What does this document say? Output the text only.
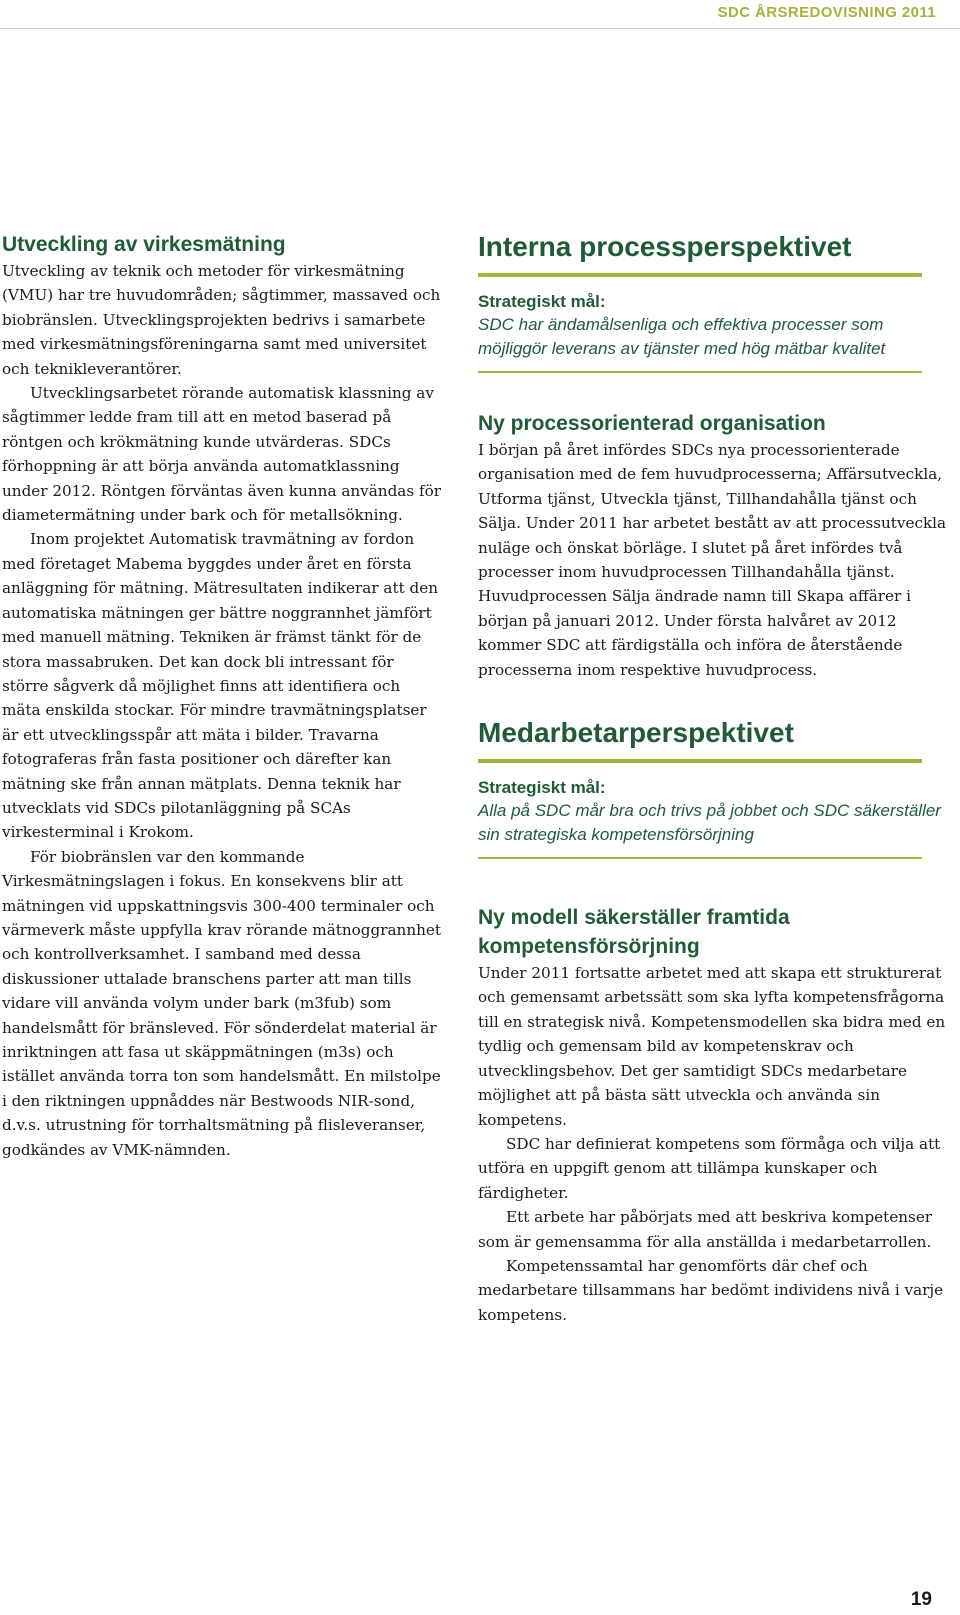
SDC ÅRSREDOVISNING 2011
Utveckling av virkesmätning

Utveckling av teknik och metoder för virkesmätning (VMU) har tre huvudområden; sågtimmer, massaved och biobränslen. Utvecklingsprojekten bedrivs i samarbete med virkesmätningsföreningarna samt med universitet och teknikleverantörer.

Utvecklingsarbetet rörande automatisk klassning av sågtimmer ledde fram till att en metod baserad på röntgen och krökmätning kunde utvärderas. SDCs förhoppning är att börja använda automatklassning under 2012. Röntgen förväntas även kunna användas för diametermätning under bark och för metallsökning.

Inom projektet Automatisk travmätning av fordon med företaget Mabema byggdes under året en första anläggning för mätning. Mätresultaten indikerar att den automatiska mätningen ger bättre noggrannhet jämfört med manuell mätning. Tekniken är främst tänkt för de stora massabruken. Det kan dock bli intressant för större sågverk då möjlighet finns att identifiera och mäta enskilda stockar. För mindre travmätningsplatser är ett utvecklingsspår att mäta i bilder. Travarna fotograferas från fasta positioner och därefter kan mätning ske från annan mätplats. Denna teknik har utvecklats vid SDCs pilotanläggning på SCAs virkesterminal i Krokom.

För biobränslen var den kommande Virkesmätningslagen i fokus. En konsekvens blir att mätningen vid uppskattningsvis 300-400 terminaler och värmeverk måste uppfylla krav rörande mätnoggrannhet och kontrollverksamhet. I samband med dessa diskussioner uttalade branschens parter att man tills vidare vill använda volym under bark (m3fub) som handelsmått för bränsleved. För sönderdelat material är inriktningen att fasa ut skäppmätningen (m3s) och istället använda torra ton som handelsmått. En milstolpe i den riktningen uppnåddes när Bestwoods NIR-sond, d.v.s. utrustning för torrhaltsmätning på flisleveranser, godkändes av VMK-nämnden.

Interna processperspektivet

Strategiskt mål:

SDC har ändamålsenliga och effektiva processer som möjliggör leverans av tjänster med hög mätbar kvalitet

Ny processorienterad organisation

I början på året infördes SDCs nya processorienterade organisation med de fem huvudprocesserna; Affärsutveckla, Utforma tjänst, Utveckla tjänst, Tillhandahålla tjänst och Sälja. Under 2011 har arbetet bestått av att processutveckla nuläge och önskat börläge. I slutet på året infördes två processer inom huvudprocessen Tillhandahålla tjänst. Huvudprocessen Sälja ändrade namn till Skapa affärer i början på januari 2012. Under första halvåret av 2012 kommer SDC att färdigställa och införa de återstående processerna inom respektive huvudprocess.

Medarbetarperspektivet

Strategiskt mål:

Alla på SDC mår bra och trivs på jobbet och SDC säkerställer sin strategiska kompetensförsörjning

Ny modell säkerställer framtida kompetensförsörjning

Under 2011 fortsatte arbetet med att skapa ett strukturerat och gemensamt arbetssätt som ska lyfta kompetensfrågorna till en strategisk nivå. Kompetensmodellen ska bidra med en tydlig och gemensam bild av kompetenskrav och utvecklingsbehov. Det ger samtidigt SDCs medarbetare möjlighet att på bästa sätt utveckla och använda sin kompetens.

SDC har definierat kompetens som förmåga och vilja att utföra en uppgift genom att tillämpa kunskaper och färdigheter.

Ett arbete har påbörjats med att beskriva kompetenser som är gemensamma för alla anställda i medarbetarrollen.

Kompetenssamtal har genomförts där chef och medarbetare tillsammans har bedömt individens nivå i varje kompetens.

19
